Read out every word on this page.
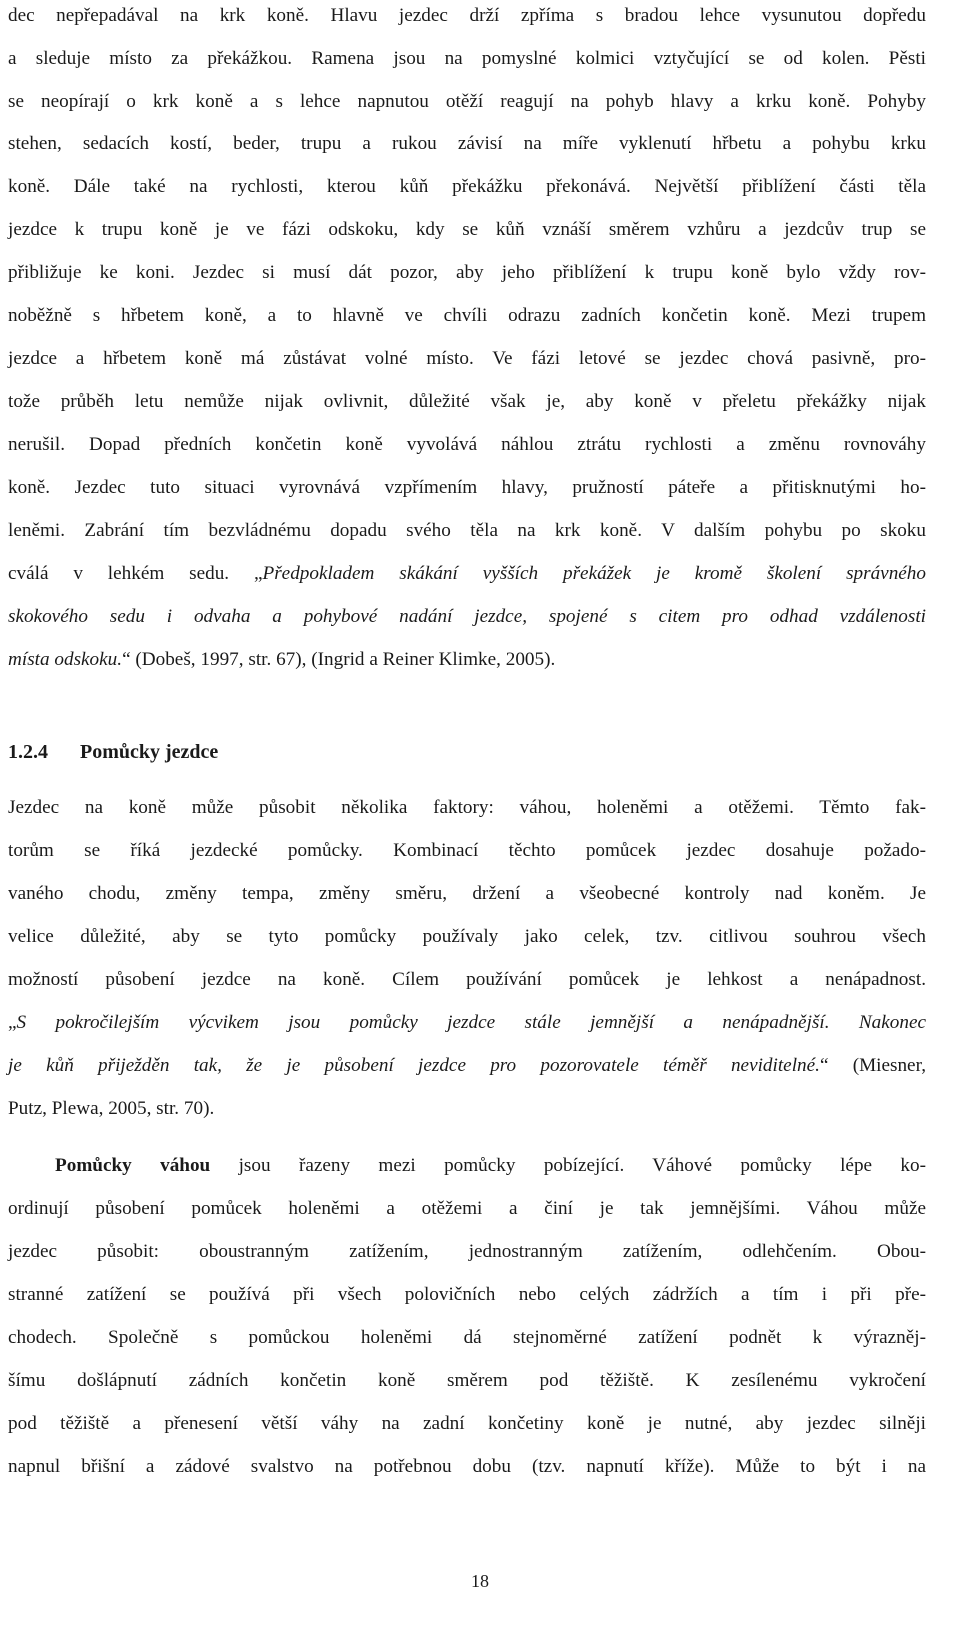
dec nepřepadával na krk koně. Hlavu jezdec drží zpříma s bradou lehce vysunutou dopředu
a sleduje místo za překážkou. Ramena jsou na pomyslné kolmici vztyčující se od kolen. Pěsti
se neopírají o krk koně a s lehce napnutou otěží reagují na pohyb hlavy a krku koně. Pohyby
stehen, sedacích kostí, beder, trupu a rukou závisí na míře vyklenutí hřbetu a pohybu krku
koně. Dále také na rychlosti, kterou kůň překážku překonává. Největší přiblížení části těla
jezdce k trupu koně je ve fázi odskoku, kdy se kůň vznáší směrem vzhůru a jezdcův trup se
přibližuje ke koni. Jezdec si musí dát pozor, aby jeho přiblížení k trupu koně bylo vždy rov-
noběžně s hřbetem koně, a to hlavně ve chvíli odrazu zadních končetin koně. Mezi trupem
jezdce a hřbetem koně má zůstávat volné místo. Ve fázi letové se jezdec chová pasivně, pro-
tože průběh letu nemůže nijak ovlivnit, důležité však je, aby koně v přeletu překážky nijak
nerušil. Dopad předních končetin koně vyvolává náhlou ztrátu rychlosti a změnu rovnováhy
koně. Jezdec tuto situaci vyrovnává vzpřímením hlavy, pružností páteře a přitisknutými ho-
leněmi. Zabrání tím bezvládnému dopadu svého těla na krk koně. V dalším pohybu po skoku
cválá v lehkém sedu. „Předpokladem skákání vyšších překážek je kromě školení správného
skokového sedu i odvaha a pohybové nadání jezdce, spojené s citem pro odhad vzdálenosti
místa odskoku.“ (Dobeš, 1997, str. 67), (Ingrid a Reiner Klimke, 2005).
1.2.4 Pomůcky jezdce
Jezdec na koně může působit několika faktory: váhou, holeněmi a otěžemi. Těmto fak-
torům se říká jezdecké pomůcky. Kombinací těchto pomůcek jezdec dosahuje požado-
vaného chodu, změny tempa, změny směru, držení a všeobecné kontroly nad koněm. Je
velice důležité, aby se tyto pomůcky používaly jako celek, tzv. citlivou souhrou všech
možností působení jezdce na koně. Cílem používání pomůcek je lehkost a nenápadnost.
„S pokročilejším výcvikem jsou pomůcky jezdce stále jemnější a nenápadnější. Nakonec
je kůň přiježděn tak, že je působení jezdce pro pozorovatele téměř neviditelné.“ (Miesner,
Putz, Plewa, 2005, str. 70).
Pomůcky váhou jsou řazeny mezi pomůcky pobízející. Váhové pomůcky lépe ko-
ordinují působení pomůcek holeněmi a otěžemi a činí je tak jemnějšími. Váhou může
jezdec působit: oboustranným zatížením, jednostranným zatížením, odlehčením. Obou-
stranné zatížení se používá při všech polovičních nebo celých zádržích a tím i při pře-
chodech. Společně s pomůckou holeněmi dá stejnoměrné zatížení podnět k výrazněj-
šímu došlápnutí zádních končetin koně směrem pod těžiště. K zesílenému vykročení
pod těžiště a přenesení větší váhy na zadní končetiny koně je nutné, aby jezdec silněji
napnul břišní a zádové svalstvo na potřebnou dobu (tzv. napnutí kříže). Může to být i na
18
